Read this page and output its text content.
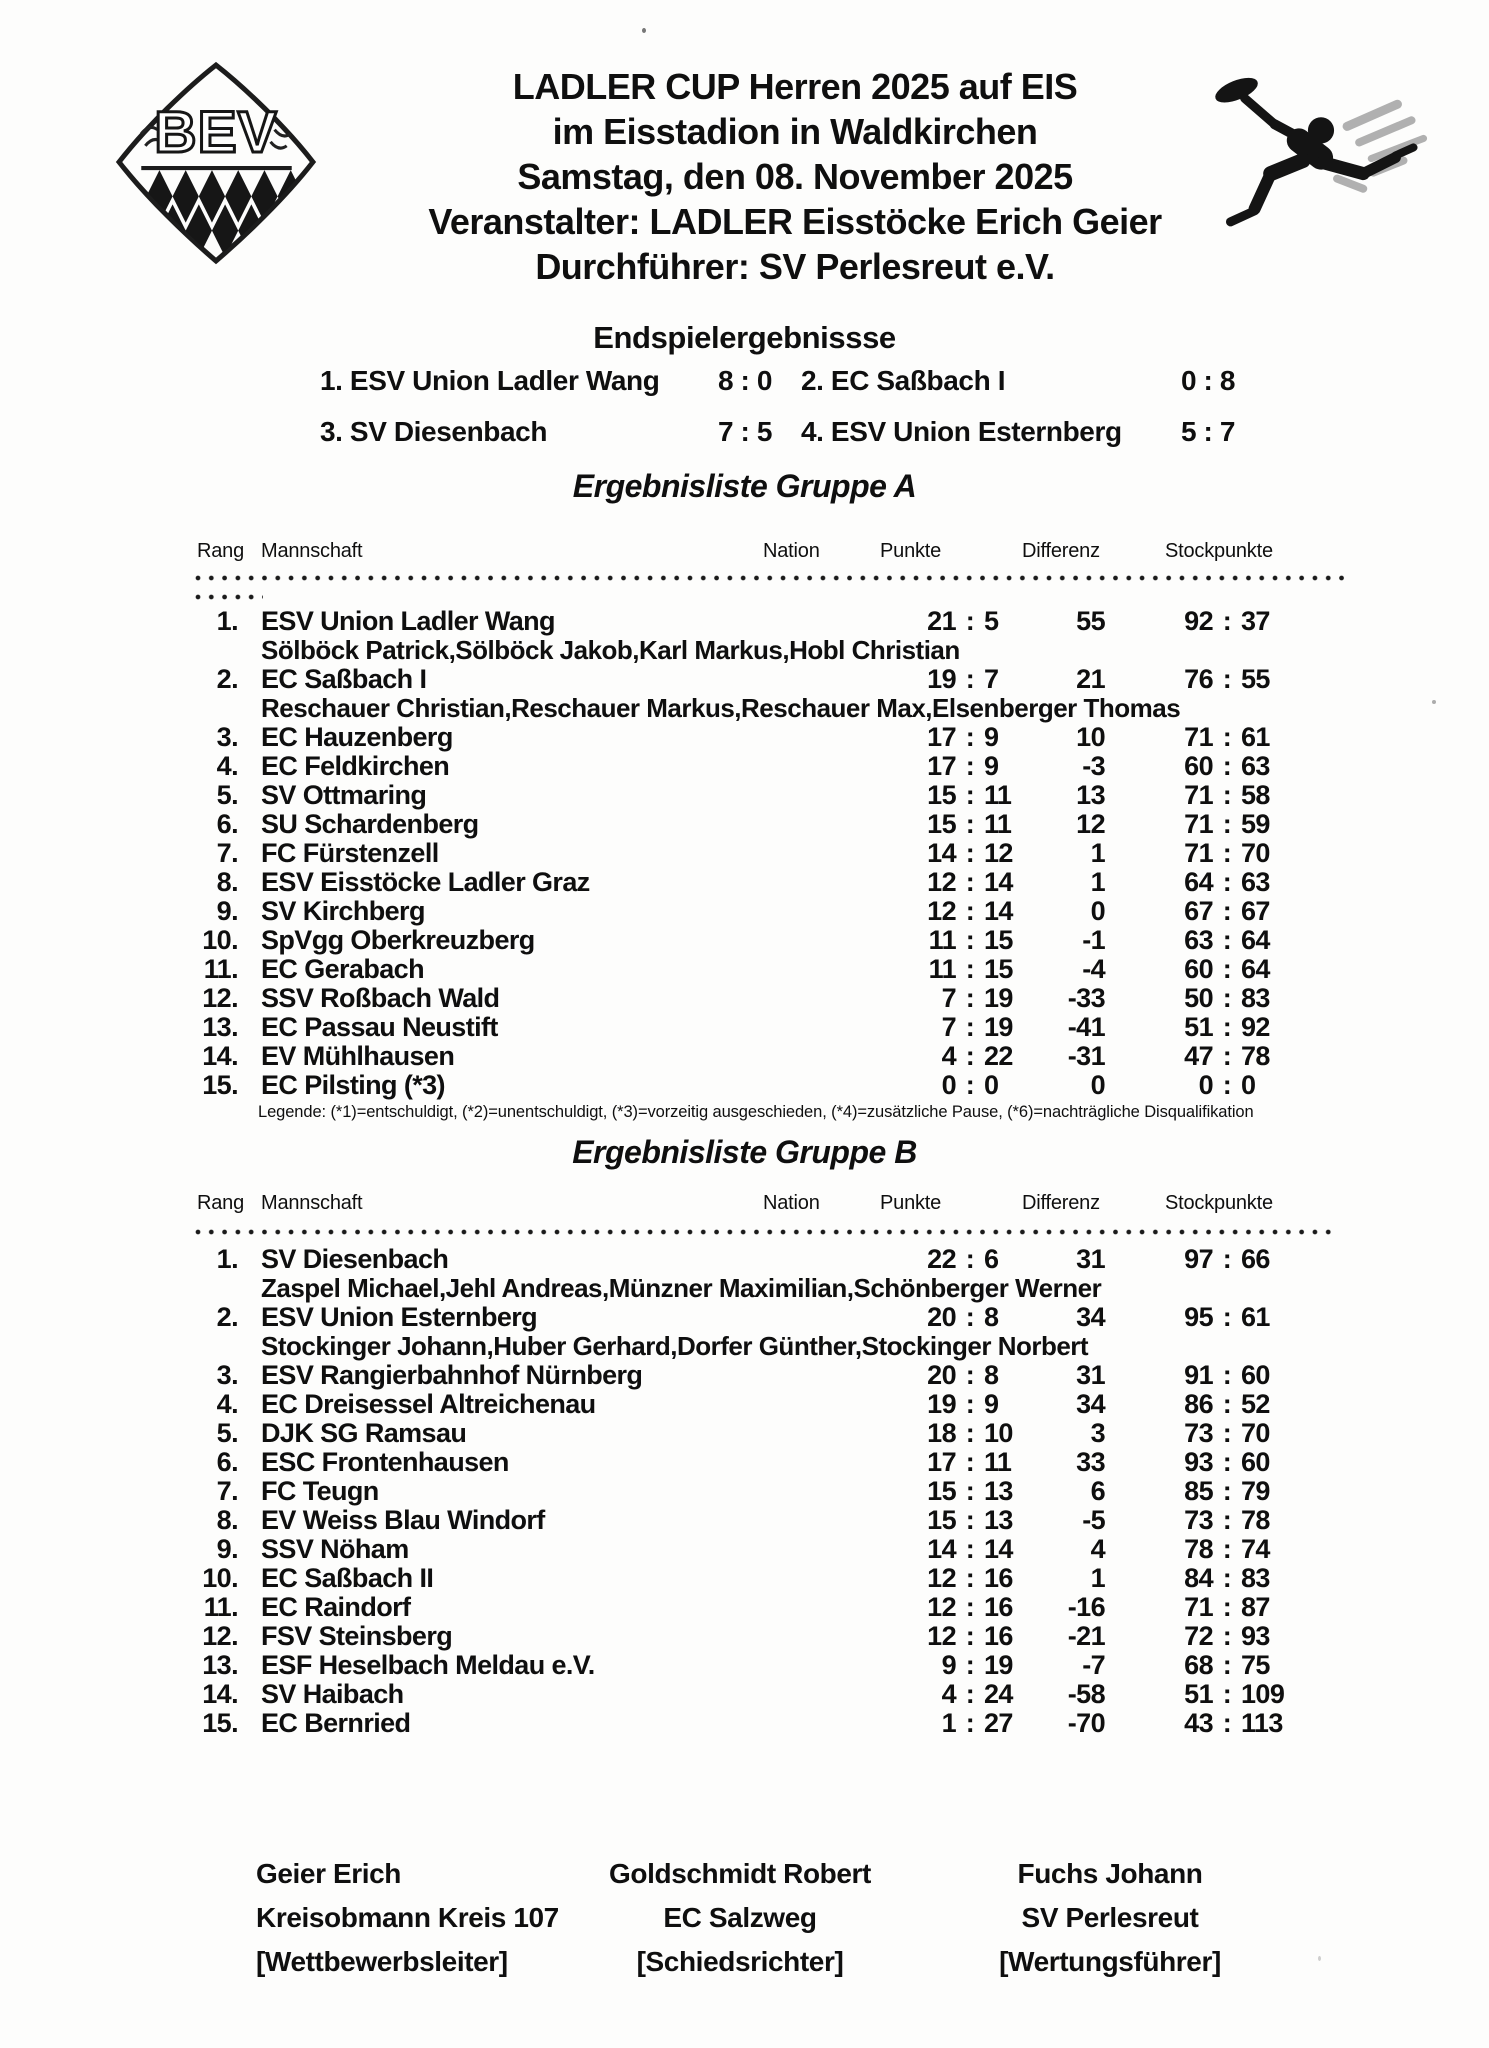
BEV
LADLER CUP Herren 2025 auf EIS
im Eisstadion in Waldkirchen
Samstag, den 08. November 2025
Veranstalter: LADLER Eisstöcke Erich Geier
Durchführer: SV Perlesreut e.V.
Endspielergebnissse
1. ESV Union Ladler Wang	8 : 0	2. EC Saßbach I	0 : 8
3. SV Diesenbach	7 : 5	4. ESV Union Esternberg	5 : 7
Ergebnisliste Gruppe A
Rang Mannschaft	Nation	Punkte	Differenz	Stockpunkte
1. ESV Union Ladler Wang	21 : 5	55	92 : 37
Sölböck Patrick,Sölböck Jakob,Karl Markus,Hobl Christian
2. EC Saßbach I	19 : 7	21	76 : 55
Reschauer Christian,Reschauer Markus,Reschauer Max,Elsenberger Thomas
3. EC Hauzenberg	17 : 9	10	71 : 61
4. EC Feldkirchen	17 : 9	-3	60 : 63
5. SV Ottmaring	15 : 11	13	71 : 58
6. SU Schardenberg	15 : 11	12	71 : 59
7. FC Fürstenzell	14 : 12	1	71 : 70
8. ESV Eisstöcke Ladler Graz	12 : 14	1	64 : 63
9. SV Kirchberg	12 : 14	0	67 : 67
10. SpVgg Oberkreuzberg	11 : 15	-1	63 : 64
11. EC Gerabach	11 : 15	-4	60 : 64
12. SSV Roßbach Wald	7 : 19	-33	50 : 83
13. EC Passau Neustift	7 : 19	-41	51 : 92
14. EV Mühlhausen	4 : 22	-31	47 : 78
15. EC Pilsting (*3)	0 : 0	0	0 : 0
Legende: (*1)=entschuldigt, (*2)=unentschuldigt, (*3)=vorzeitig ausgeschieden, (*4)=zusätzliche Pause, (*6)=nachträgliche Disqualifikation
Ergebnisliste Gruppe B
Rang Mannschaft	Nation	Punkte	Differenz	Stockpunkte
1. SV Diesenbach	22 : 6	31	97 : 66
Zaspel Michael,Jehl Andreas,Münzner Maximilian,Schönberger Werner
2. ESV Union Esternberg	20 : 8	34	95 : 61
Stockinger Johann,Huber Gerhard,Dorfer Günther,Stockinger Norbert
3. ESV Rangierbahnhof Nürnberg	20 : 8	31	91 : 60
4. EC Dreisessel Altreichenau	19 : 9	34	86 : 52
5. DJK SG Ramsau	18 : 10	3	73 : 70
6. ESC Frontenhausen	17 : 11	33	93 : 60
7. FC Teugn	15 : 13	6	85 : 79
8. EV Weiss Blau Windorf	15 : 13	-5	73 : 78
9. SSV Nöham	14 : 14	4	78 : 74
10. EC Saßbach II	12 : 16	1	84 : 83
11. EC Raindorf	12 : 16	-16	71 : 87
12. FSV Steinsberg	12 : 16	-21	72 : 93
13. ESF Heselbach Meldau e.V.	9 : 19	-7	68 : 75
14. SV Haibach	4 : 24	-58	51 : 109
15. EC Bernried	1 : 27	-70	43 : 113
Geier Erich
Kreisobmann Kreis 107
[Wettbewerbsleiter]
Goldschmidt Robert
EC Salzweg
[Schiedsrichter]
Fuchs Johann
SV Perlesreut
[Wertungsführer]
